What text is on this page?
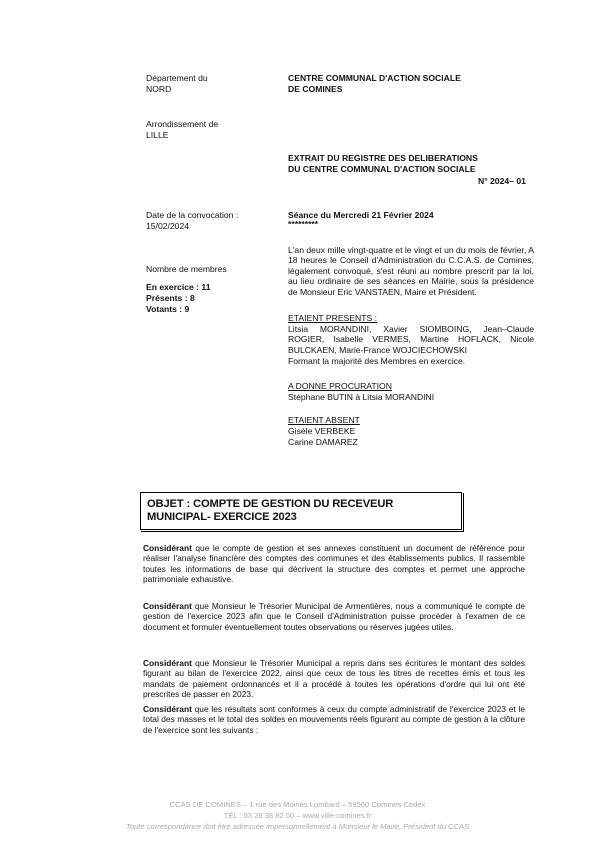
Département du
NORD
Arrondissement de
LILLE
CENTRE COMMUNAL D'ACTION SOCIALE
DE COMINES
EXTRAIT DU REGISTRE DES DELIBERATIONS
DU CENTRE COMMUNAL D'ACTION SOCIALE
N° 2024– 01
Date de la convocation :
15/02/2024
Séance du Mercredi 21 Février 2024
*********
L'an deux mille vingt-quatre et le vingt et un du mois de février, A 18 heures le Conseil d'Administration du C.C.A.S. de Comines, légalement convoqué, s'est réuni au nombre prescrit par la loi, au lieu ordinaire de ses séances en Mairie, sous la présidence de Monsieur Eric VANSTAEN, Maire et Président.
Nombre de membres
En exercice : 11
Présents : 8
Votants : 9
ETAIENT PRESENTS :
Litsia MORANDINI, Xavier SIOMBOING, Jean–Claude ROGIER, Isabelle VERMES, Martine HOFLACK, Nicole BULCKAEN, Marie-France WOJCIECHOWSKI
Formant la majorité des Membres en exercice.
A DONNE PROCURATION
Stéphane BUTIN à Litsia MORANDINI
ETAIENT ABSENT
Gisèle VERBEKE
Carine DAMAREZ
OBJET : COMPTE DE GESTION DU RECEVEUR MUNICIPAL- EXERCICE 2023
Considérant que le compte de gestion et ses annexes constituent un document de référence pour réaliser l'analyse financière des comptes des communes et des établissements publics. Il rassemble toutes les informations de base qui décrivent la structure des comptes et permet une approche patrimoniale exhaustive.
Considérant que Monsieur le Trésorier Municipal de Armentières, nous a communiqué le compte de gestion de l'exercice 2023 afin que le Conseil d'Administration puisse procéder à l'examen de ce document et formuler éventuellement toutes observations ou réserves jugées utiles.
Considérant que Monsieur le Trésorier Municipal a repris dans ses écritures le montant des soldes figurant au bilan de l'exercice 2022, ainsi que ceux de tous les titres de recettes émis et tous les mandats de paiement ordonnancés et il a procédé à toutes les opérations d'ordre qui lui ont été prescrites de passer en 2023.
Considérant que les résultats sont conformes à ceux du compte administratif de l'exercice 2023 et le total des masses et le total des soldes en mouvements réels figurant au compte de gestion à la clôture de l'exercice sont les suivants :
CCAS DE COMINES – 1 rue des Moines Lombard – 59560 Comines Cedex
TÉL : 03 28 38 82 00 – www.ville-comines.fr
Toute correspondance doit être adressée impersonnellement à Monsieur le Maire, Président du CCAS
